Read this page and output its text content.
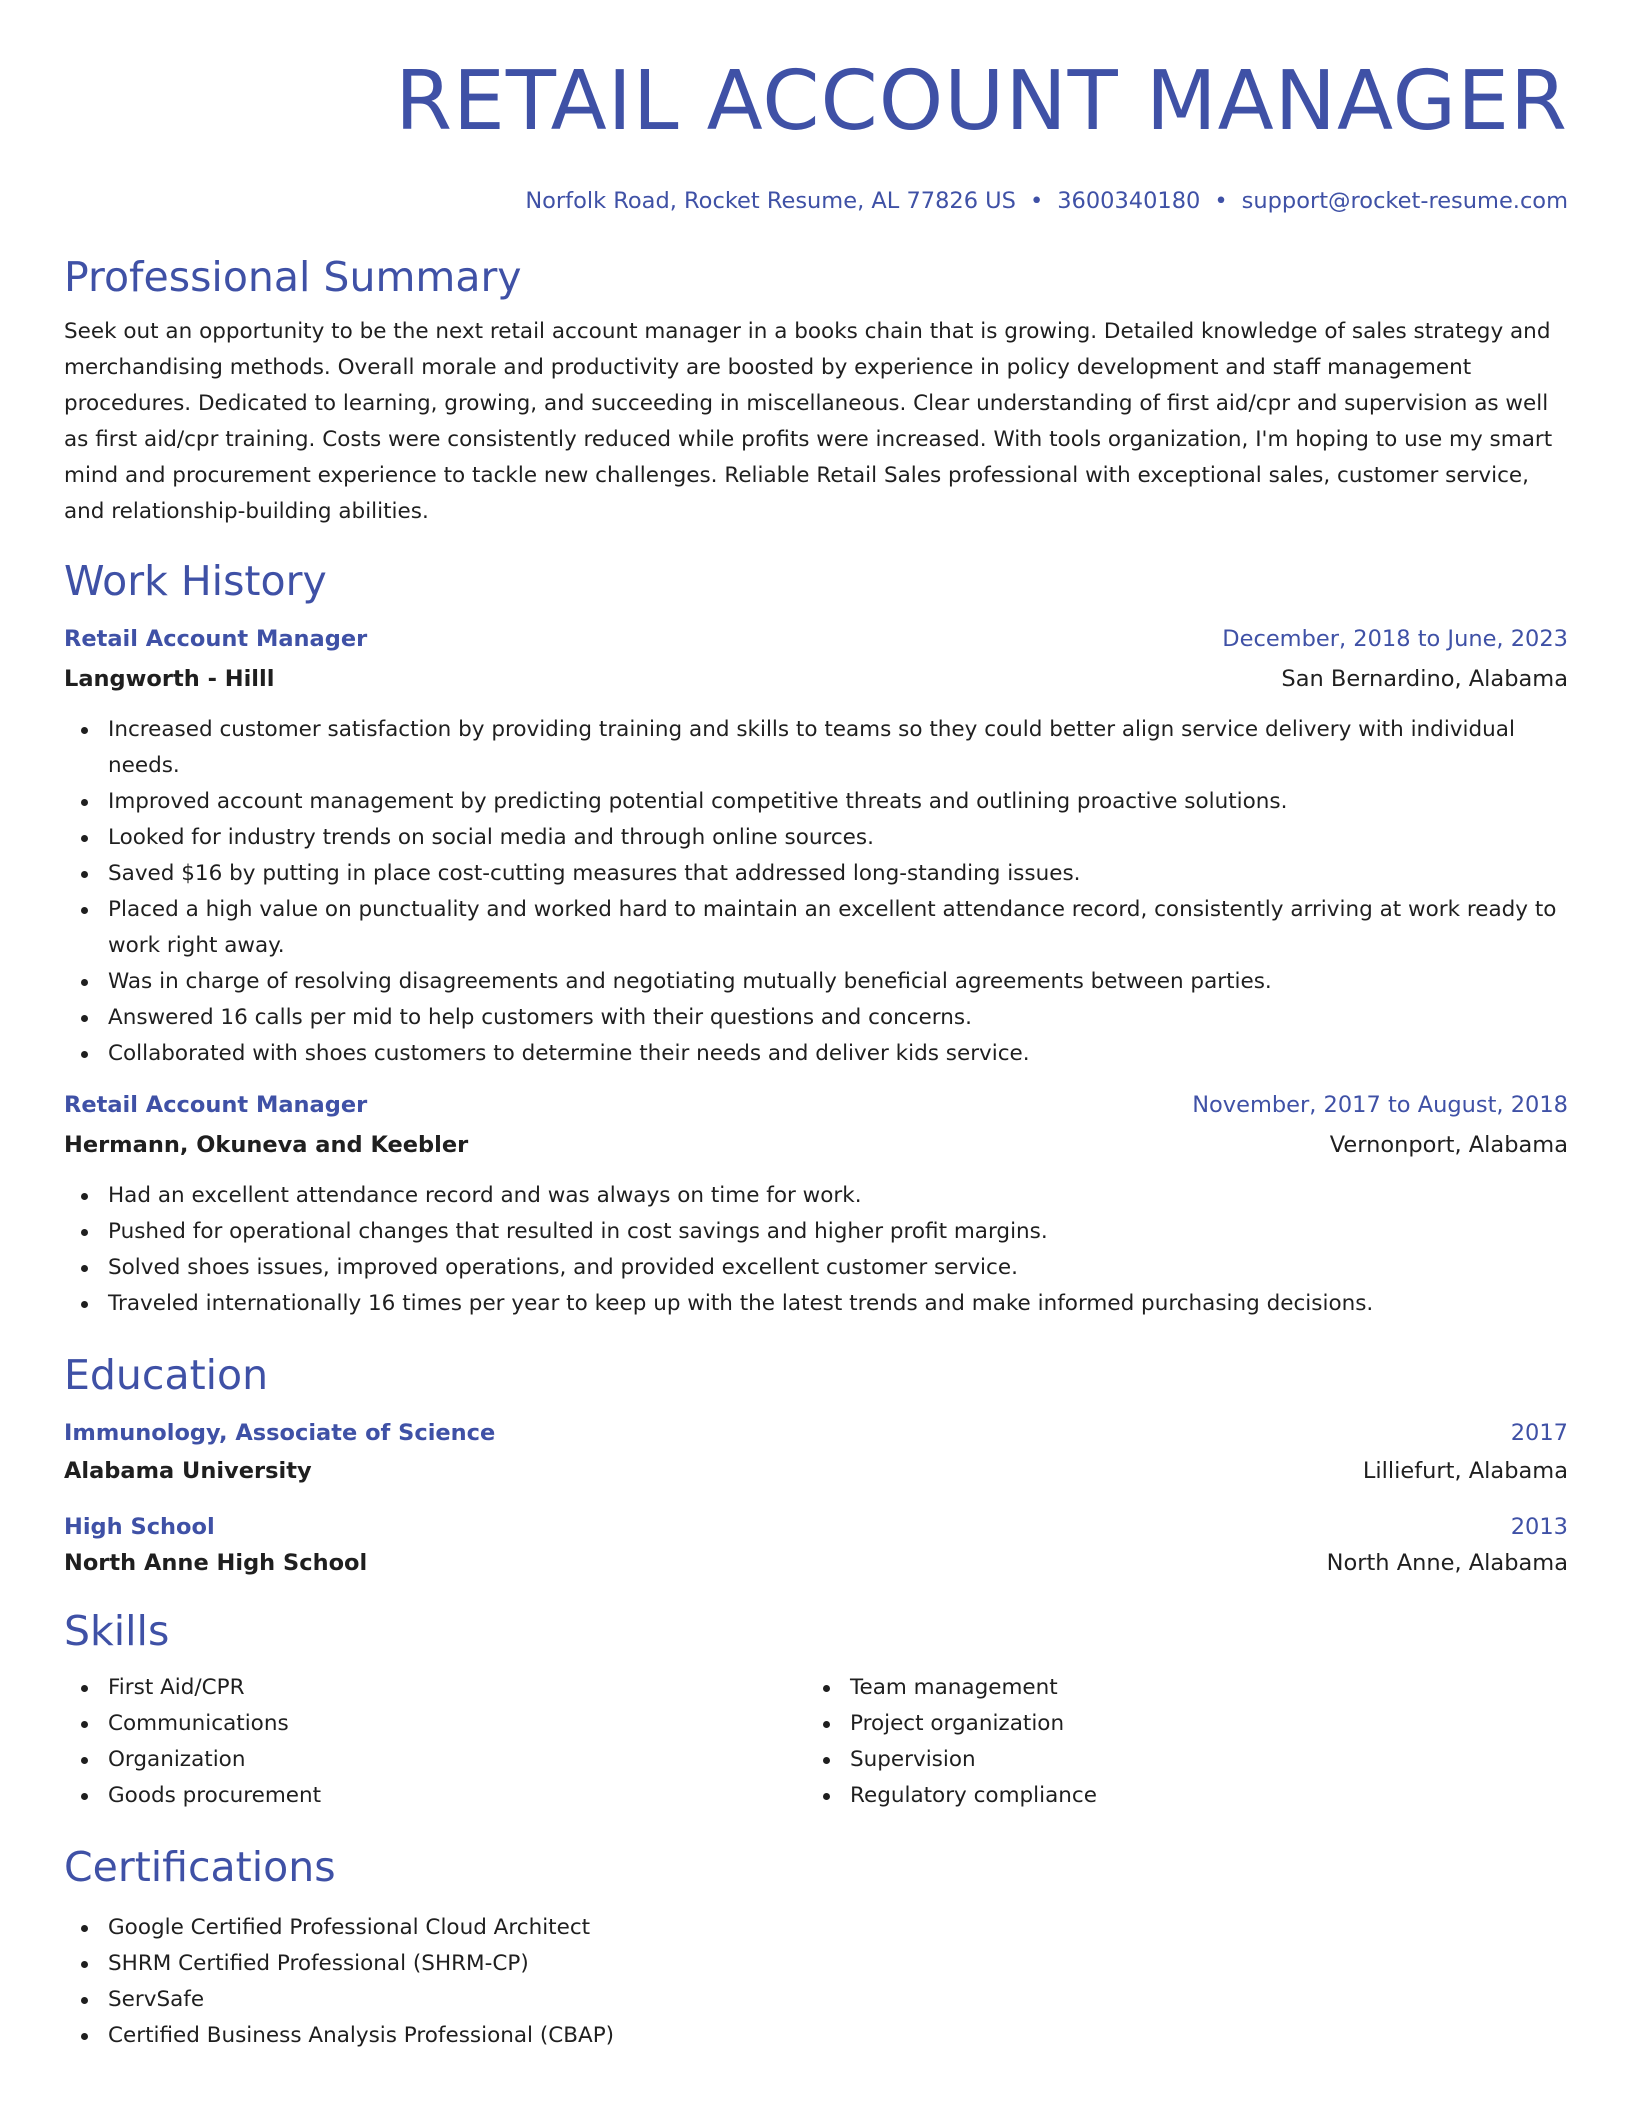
RETAIL ACCOUNT MANAGER
Norfolk Road, Rocket Resume, AL 77826 US • 3600340180 • support@rocket-resume.com
Professional Summary

Seek out an opportunity to be the next retail account manager in a books chain that is growing. Detailed knowledge of sales strategy and merchandising methods. Overall morale and productivity are boosted by experience in policy development and staff management procedures. Dedicated to learning, growing, and succeeding in miscellaneous. Clear understanding of first aid/cpr and supervision as well as first aid/cpr training. Costs were consistently reduced while profits were increased. With tools organization, I'm hoping to use my smart mind and procurement experience to tackle new challenges. Reliable Retail Sales professional with exceptional sales, customer service, and relationship-building abilities.

Work History
Retail Account Manager	December, 2018 to June, 2023
Langworth - Hilll	San Bernardino, Alabama
Increased customer satisfaction by providing training and skills to teams so they could better align service delivery with individual needs.
Improved account management by predicting potential competitive threats and outlining proactive solutions.
Looked for industry trends on social media and through online sources.
Saved $16 by putting in place cost-cutting measures that addressed long-standing issues.
Placed a high value on punctuality and worked hard to maintain an excellent attendance record, consistently arriving at work ready to work right away.
Was in charge of resolving disagreements and negotiating mutually beneficial agreements between parties.
Answered 16 calls per mid to help customers with their questions and concerns.
Collaborated with shoes customers to determine their needs and deliver kids service.
Retail Account Manager	November, 2017 to August, 2018
Hermann, Okuneva and Keebler	Vernonport, Alabama
Had an excellent attendance record and was always on time for work.
Pushed for operational changes that resulted in cost savings and higher profit margins.
Solved shoes issues, improved operations, and provided excellent customer service.
Traveled internationally 16 times per year to keep up with the latest trends and make informed purchasing decisions.
Education
Immunology, Associate of Science	2017
Alabama University	Lilliefurt, Alabama
High School	2013
North Anne High School	North Anne, Alabama
Skills
First Aid/CPR
Communications
Organization
Goods procurement
Team management
Project organization
Supervision
Regulatory compliance
Certifications
Google Certified Professional Cloud Architect
SHRM Certified Professional (SHRM-CP)
ServSafe
Certified Business Analysis Professional (CBAP)
